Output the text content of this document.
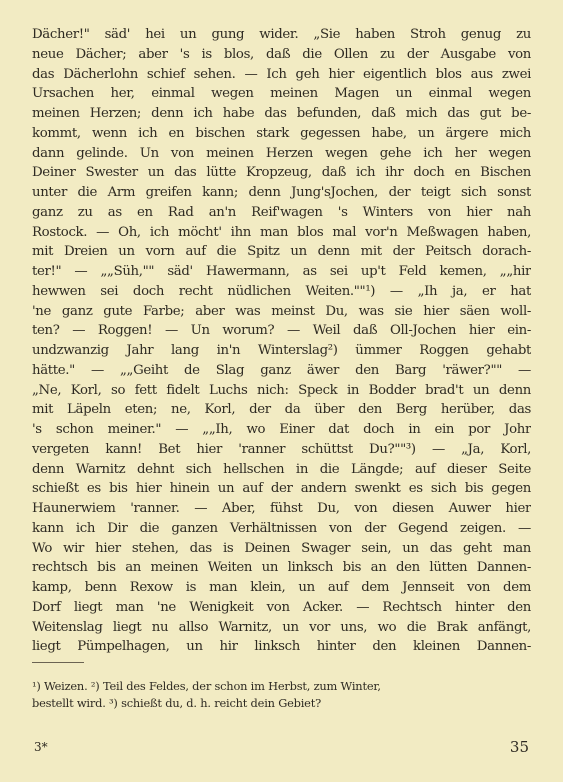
Dächer!" säd' hei un gung wider. „Sie haben Stroh genug zu
neue Dächer; aber 's is blos, daß die Ollen zu der Ausgabe von
das Dächerlohn schief sehen. — Ich geh hier eigentlich blos aus zwei
Ursachen her, einmal wegen meinen Magen un einmal wegen
meinen Herzen; denn ich habe das befunden, daß mich das gut be-
kommt, wenn ich en bischen stark gegessen habe, un ärgere mich
dann gelinde. Un von meinen Herzen wegen gehe ich her wegen
Deiner Swester un das lütte Kropzeug, daß ich ihr doch en Bischen
unter die Arm greifen kann; denn Jung'sJochen, der teigt sich sonst
ganz zu as en Rad an'n Reif'wagen 's Winters von hier nah
Rostock. — Oh, ich möcht' ihn man blos mal vor'n Meßwagen haben,
mit Dreien un vorn auf die Spitz un denn mit der Peitsch dorach-
ter!" — „„Süh,"" säd' Hawermann, as sei up't Feld kemen, „„hir
hewwen sei doch recht nüdlichen Weiten.""¹) — „Ih ja, er hat
'ne ganz gute Farbe; aber was meinst Du, was sie hier säen woll-
ten? — Roggen! — Un worum? — Weil daß Oll-Jochen hier ein-
undzwanzig Jahr lang in'n Winterslag²) ümmer Roggen gehabt
hätte." — „„Geiht de Slag ganz äwer den Barg 'räwer?"" —
„Ne, Korl, so fett fidelt Luchs nich: Speck in Bodder brad't un denn
mit Läpeln eten; ne, Korl, der da über den Berg herüber, das
's schon meiner." — „„Ih, wo Einer dat doch in ein por Johr
vergeten kann! Bet hier 'ranner schüttst Du?""³) — „Ja, Korl,
denn Warnitz dehnt sich hellschen in die Längde; auf dieser Seite
schießt es bis hier hinein un auf der andern swenkt es sich bis gegen
Haunerwiem 'ranner. — Aber, fühst Du, von diesen Auwer hier
kann ich Dir die ganzen Verhältnissen von der Gegend zeigen. —
Wo wir hier stehen, das is Deinen Swager sein, un das geht man
rechtsch bis an meinen Weiten un linksch bis an den lütten Dannen-
kamp, benn Rexow is man klein, un auf dem Jennseit von dem
Dorf liegt man 'ne Wenigkeit von Acker. — Rechtsch hinter den
Weitenslag liegt nu allso Warnitz, un vor uns, wo die Brak anfängt,
liegt Pümpelhagen, un hir linksch hinter den kleinen Dannen-
¹) Weizen. ²) Teil des Feldes, der schon im Herbst, zum Winter,
bestellt wird. ³) schießt du, d. h. reicht dein Gebiet?
3*	35
